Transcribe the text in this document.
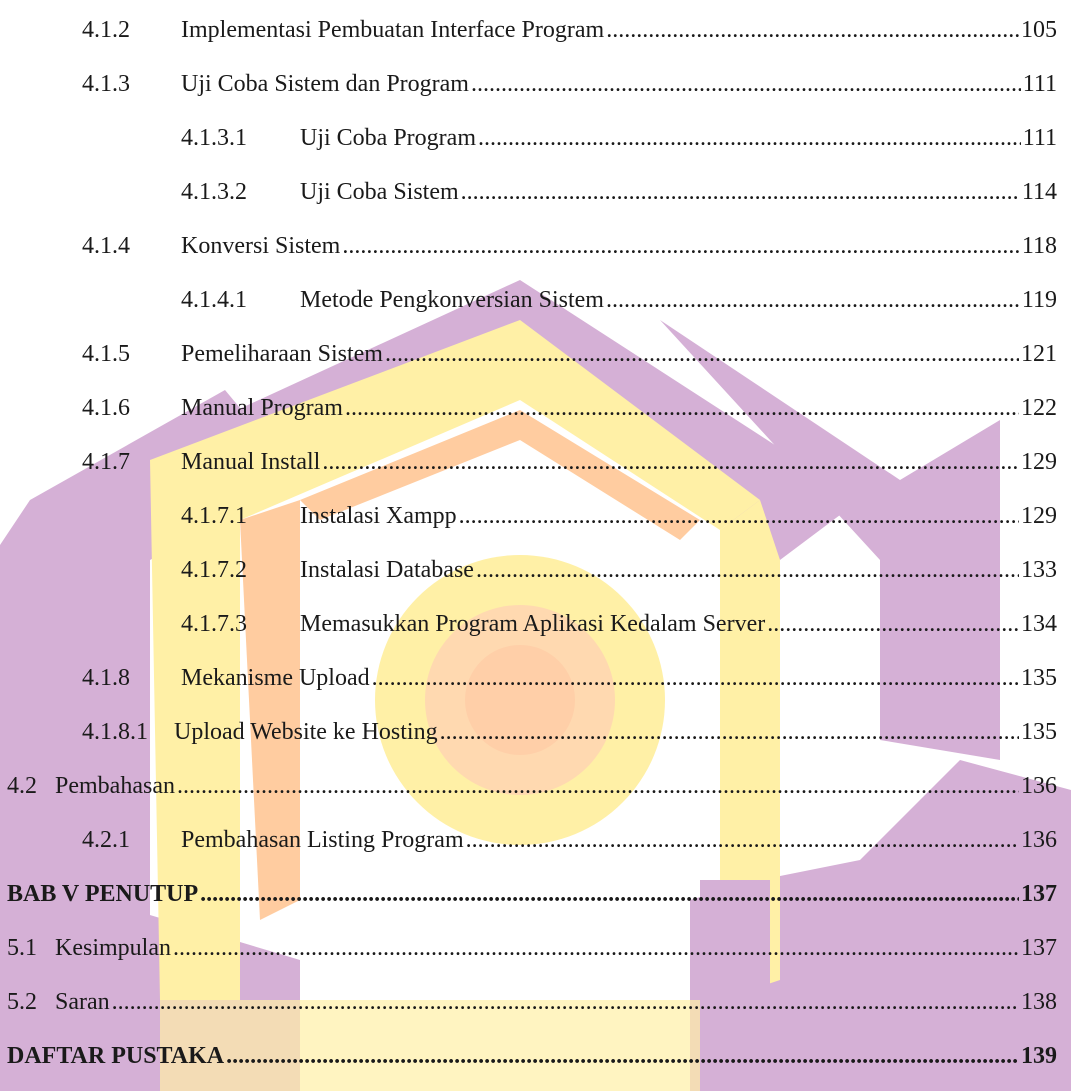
4.1.2	Implementasi Pembuatan Interface Program .....	105
4.1.3	Uji Coba Sistem dan Program .....	111
4.1.3.1	Uji Coba Program .....	111
4.1.3.2	Uji Coba Sistem .....	114
4.1.4	Konversi Sistem .....	118
4.1.4.1	Metode Pengkonversian Sistem .....	119
4.1.5	Pemeliharaan Sistem .....	121
4.1.6	Manual Program .....	122
4.1.7	Manual Install .....	129
4.1.7.1	Instalasi Xampp .....	129
4.1.7.2	Instalasi Database .....	133
4.1.7.3	Memasukkan Program Aplikasi Kedalam Server .....	134
4.1.8	Mekanisme Upload .....	135
4.1.8.1	Upload Website ke Hosting .....	135
4.2 Pembahasan .....	136
4.2.1	Pembahasan Listing Program .....	136
BAB V PENUTUP .....	137
5.1 Kesimpulan .....	137
5.2 Saran .....	138
DAFTAR PUSTAKA .....	139
